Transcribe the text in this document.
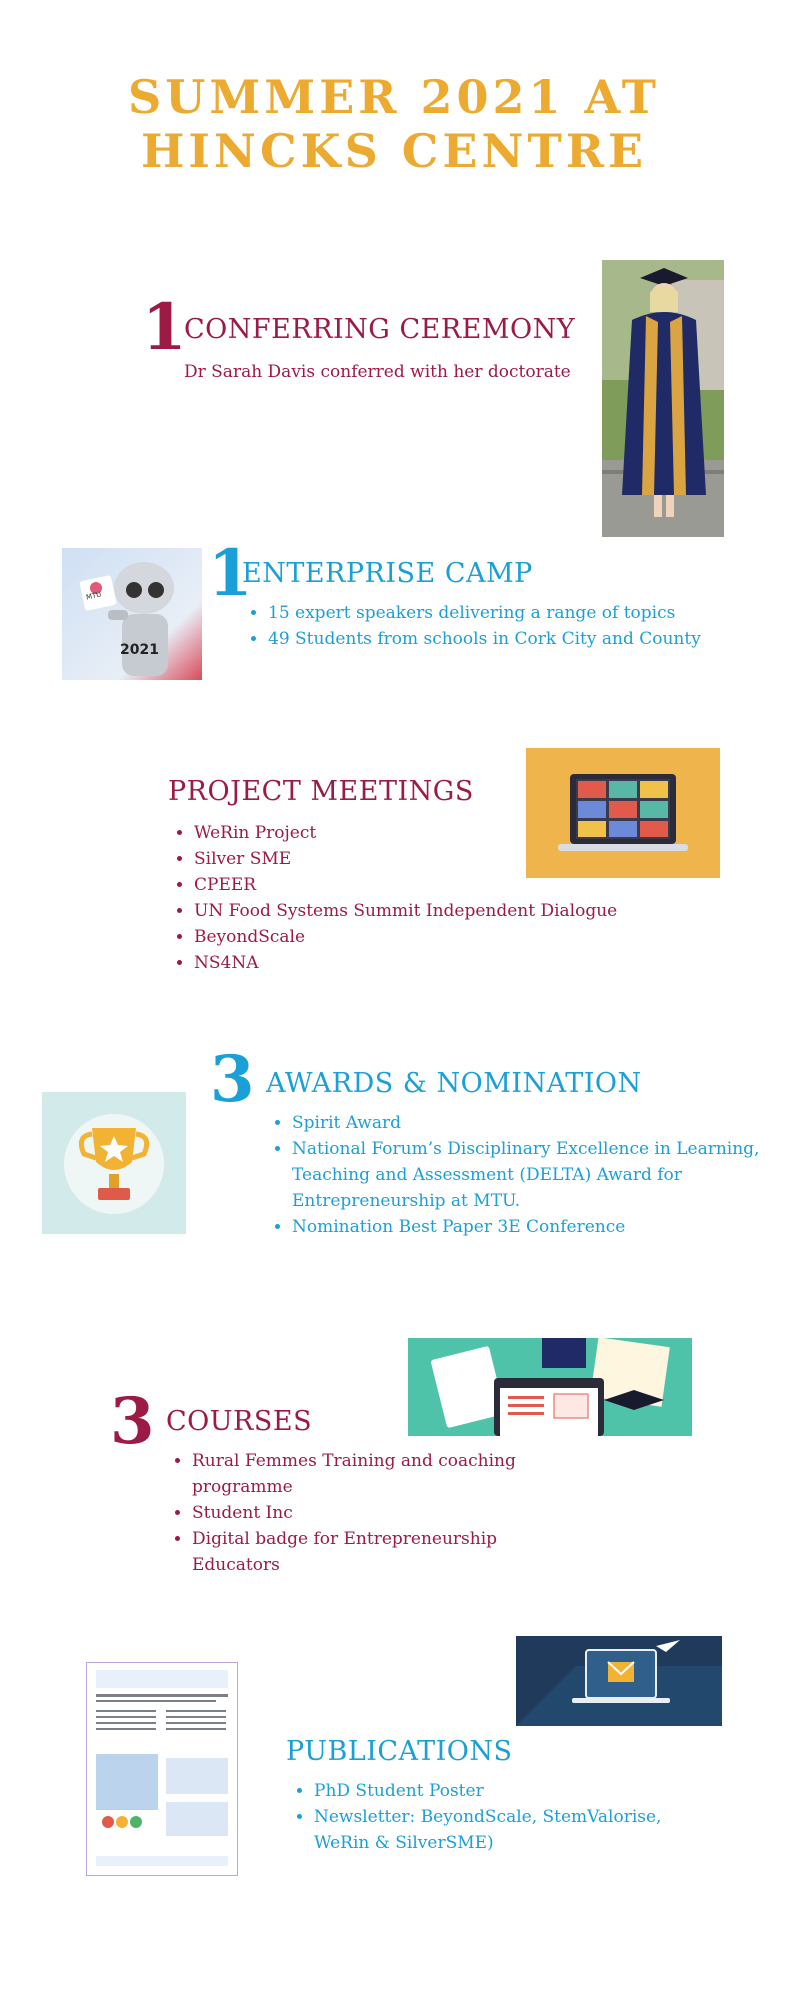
SUMMER 2021 AT
HINCKS CENTRE
1
CONFERRING CEREMONY
Dr Sarah Davis conferred with her doctorate
2021
MTU 1
ENTERPRISE CAMP
• 15 expert speakers delivering a range of topics
• 49 Students from schools in Cork City and County
PROJECT MEETINGS
• WeRin Project
• Silver SME
• CPEER
• UN Food Systems Summit Independent Dialogue
• BeyondScale
• NS4NA
3 AWARDS & NOMINATION
• Spirit Award
• National Forum’s Disciplinary Excellence in Learning, Teaching and Assessment (DELTA) Award for Entrepreneurship at MTU.
• Nomination Best Paper 3E Conference
3 COURSES
• Rural Femmes Training and coaching programme
• Student Inc
• Digital badge for Entrepreneurship Educators
PUBLICATIONS
• PhD Student Poster
• Newsletter: BeyondScale, StemValorise, WeRin & SilverSME)
